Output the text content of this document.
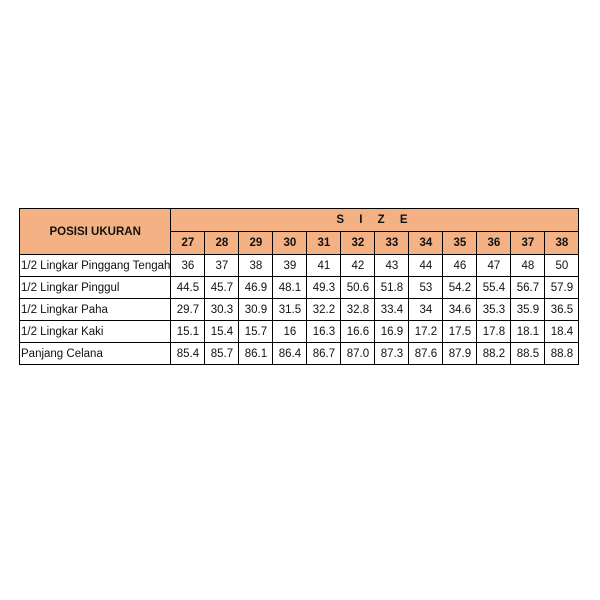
POSISI UKURAN	S I Z E											
	27	28	29	30	31	32	33	34	35	36	37	38
1/2 Lingkar Pinggang Tengah	36	37	38	39	41	42	43	44	46	47	48	50
1/2 Lingkar Pinggul	44.5	45.7	46.9	48.1	49.3	50.6	51.8	53	54.2	55.4	56.7	57.9
1/2 Lingkar Paha	29.7	30.3	30.9	31.5	32.2	32.8	33.4	34	34.6	35.3	35.9	36.5
1/2 Lingkar Kaki	15.1	15.4	15.7	16	16.3	16.6	16.9	17.2	17.5	17.8	18.1	18.4
Panjang Celana	85.4	85.7	86.1	86.4	86.7	87.0	87.3	87.6	87.9	88.2	88.5	88.8
